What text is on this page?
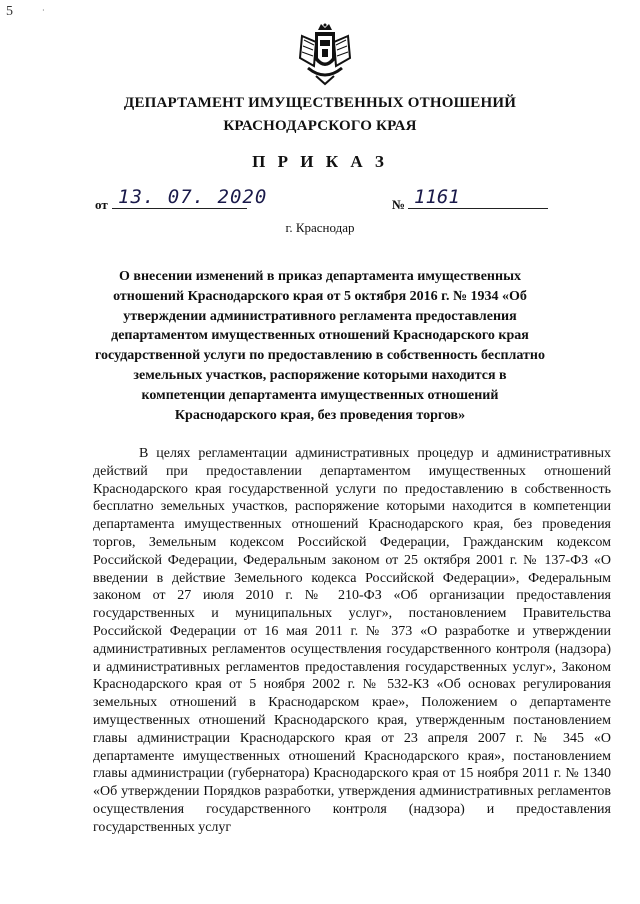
5	·
ДЕПАРТАМЕНТ ИМУЩЕСТВЕННЫХ ОТНОШЕНИЙ
КРАСНОДАРСКОГО КРАЯ
П Р И К А З
от 13. 07. 2020	№ 1161
г. Краснодар
О внесении изменений в приказ департамента имущественных отношений Краснодарского края от 5 октября 2016 г. № 1934 «Об утверждении административного регламента предоставления департаментом имущественных отношений Краснодарского края государственной услуги по предоставлению в собственность бесплатно земельных участков, распоряжение которыми находится в компетенции департамента имущественных отношений Краснодарского края, без проведения торгов»
В целях регламентации административных процедур и административных действий при предоставлении департаментом имущественных отношений Краснодарского края государственной услуги по предоставлению в собственность бесплатно земельных участков, распоряжение которыми находится в компетенции департамента имущественных отношений Краснодарского края, без проведения торгов, Земельным кодексом Российской Федерации, Гражданским кодексом Российской Федерации, Федеральным законом от 25 октября 2001 г. № 137-ФЗ «О введении в действие Земельного кодекса Российской Федерации», Федеральным законом от 27 июля 2010 г. № 210-ФЗ «Об организации предоставления государственных и муниципальных услуг», постановлением Правительства Российской Федерации от 16 мая 2011 г. № 373 «О разработке и утверждении административных регламентов осуществления государственного контроля (надзора) и административных регламентов предоставления государственных услуг», Законом Краснодарского края от 5 ноября 2002 г. № 532-КЗ «Об основах регулирования земельных отношений в Краснодарском крае», Положением о департаменте имущественных отношений Краснодарского края, утвержденным постановлением главы администрации Краснодарского края от 23 апреля 2007 г. № 345 «О департаменте имущественных отношений Краснодарского края», постановлением главы администрации (губернатора) Краснодарского края от 15 ноября 2011 г. № 1340 «Об утверждении Порядков разработки, утверждения административных регламентов осуществления государственного контроля (надзора) и предоставления государственных услуг
